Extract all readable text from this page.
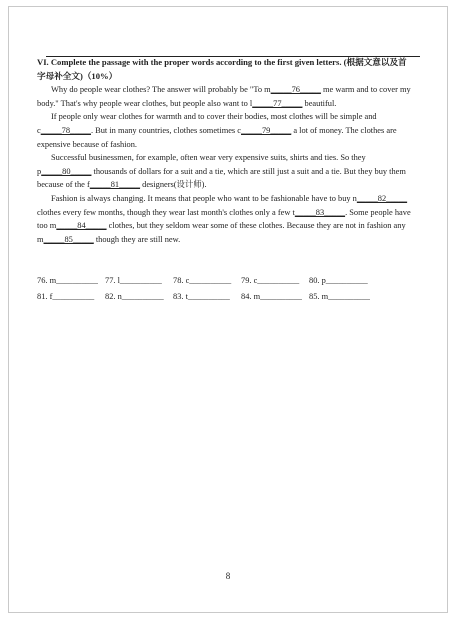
VI. Complete the passage with the proper words according to the first given letters. (根据文意以及首字母补全文)（10%）

Why do people wear clothes? The answer will probably be "To m_____76_____ me warm and to cover my body." That's why people wear clothes, but people also want to l_____77_____ beautiful.

If people only wear clothes for warmth and to cover their bodies, most clothes will be simple and c_____78_____. But in many countries, clothes sometimes c_____79_____ a lot of money. The clothes are expensive because of fashion.

Successful businessmen, for example, often wear very expensive suits, shirts and ties. So they p_____80_____ thousands of dollars for a suit and a tie, which are still just a suit and a tie. But they buy them because of the f_____81_____ designers(设计师).

Fashion is always changing. It means that people who want to be fashionable have to buy n_____82_____ clothes every few months, though they wear last month's clothes only a few t_____83_____. Some people have too m_____84_____ clothes, but they seldom wear some of these clothes. Because they are not in fashion any m_____85_____ though they are still new.

76. m__________ 77. l__________	78. c__________	79. c__________	80. p__________
81. f__________	82. n__________	83. t__________	84. m__________ 85. m__________
8
